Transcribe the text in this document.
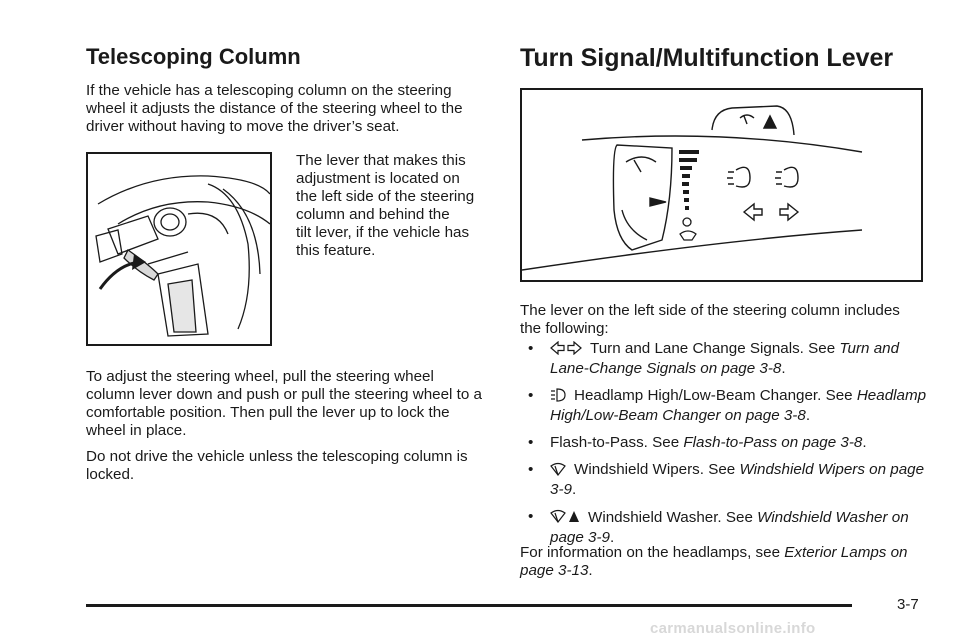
Telescoping Column

If the vehicle has a telescoping column on the steering wheel it adjusts the distance of the steering wheel to the driver without having to move the driver’s seat.

The lever that makes this

adjustment is located on

the left side of the steering

column and behind the

tilt lever, if the vehicle has

this feature.

To adjust the steering wheel, pull the steering wheel column lever down and push or pull the steering wheel to a comfortable position. Then pull the lever up to lock the wheel in place.

Do not drive the vehicle unless the telescoping column is locked.

Turn Signal/Multifunction Lever

The lever on the left side of the steering column includes the following:

• Turn and Lane Change Signals. See Turn and Lane-Change Signals on page 3-8.
• Headlamp High/Low-Beam Changer. See Headlamp High/Low-Beam Changer on page 3-8.
• Flash-to-Pass. See Flash-to-Pass on page 3-8.
• Windshield Wipers. See Windshield Wipers on page 3-9.
• Windshield Washer. See Windshield Washer on page 3-9.

For information on the headlamps, see Exterior Lamps on page 3-13.

3-7
carmanualsonline.info
